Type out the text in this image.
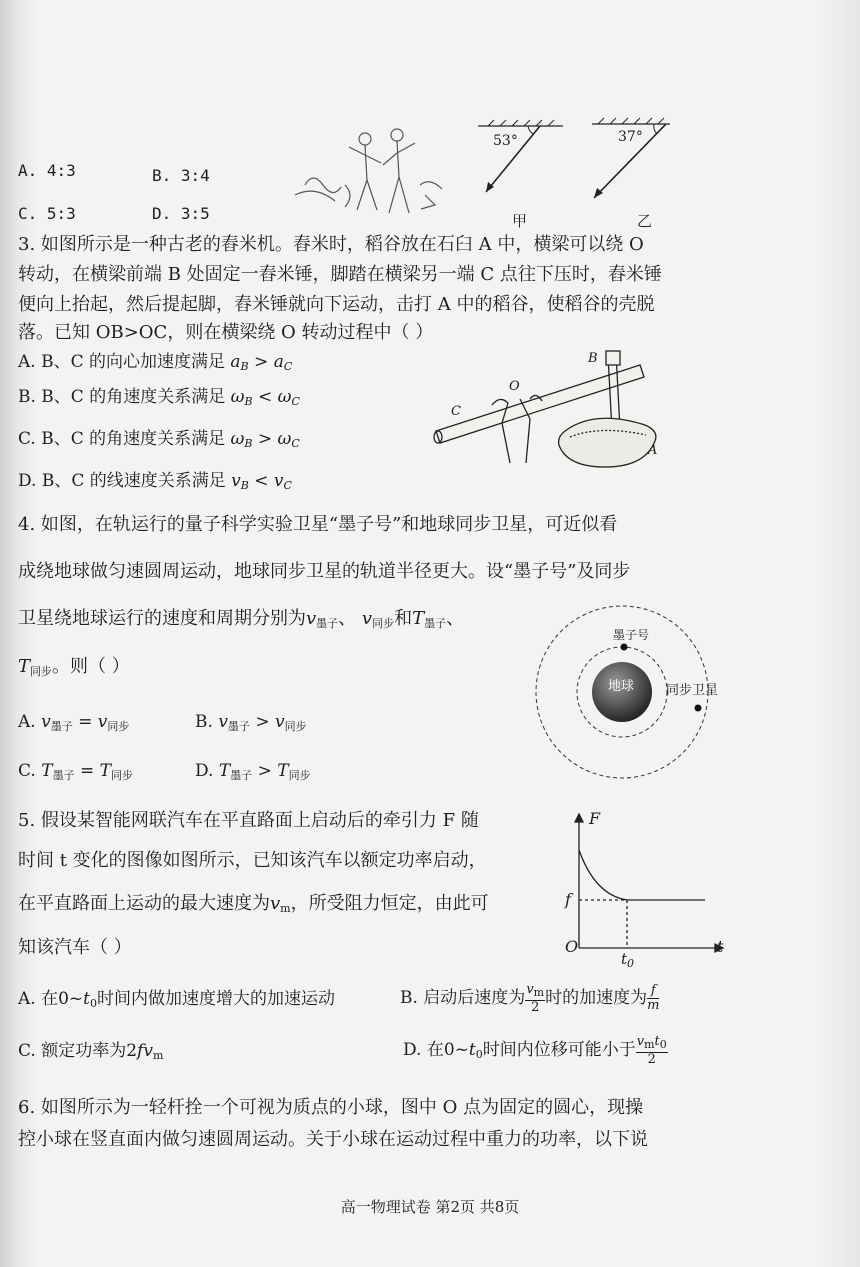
A. 4:3	B. 3:4
C. 5:3	D. 3:5
53°
甲
37°
乙
3. 如图所示是一种古老的舂米机。舂米时，稻谷放在石臼 A 中，横梁可以绕 O
转动，在横梁前端 B 处固定一舂米锤，脚踏在横梁另一端 C 点往下压时，舂米锤
便向上抬起，然后提起脚，舂米锤就向下运动，击打 A 中的稻谷，使稻谷的壳脱
落。已知 OB>OC，则在横梁绕 O 转动过程中（ ）
A. B、C 的向心加速度满足 $a_B > a_C$
B. B、C 的角速度关系满足 $\omega_B < \omega_C$
C. B、C 的角速度关系满足 $\omega_B > \omega_C$
D. B、C 的线速度关系满足 $v_B < v_C$
B
O
C
A
4. 如图，在轨运行的量子科学实验卫星“墨子号”和地球同步卫星，可近似看
成绕地球做匀速圆周运动，地球同步卫星的轨道半径更大。设“墨子号”及同步
卫星绕地球运行的速度和周期分别为$v_{墨子}$、 $v_{同步}$和$T_{墨子}$、
$T_{同步}$。则（ ）
A. $v_{墨子} = v_{同步}$	B. $v_{墨子} > v_{同步}$
C. $T_{墨子} = T_{同步}$	D. $T_{墨子} > T_{同步}$
地球
墨子号
同步卫星
5. 假设某智能网联汽车在平直路面上启动后的牵引力 F 随
时间 t 变化的图像如图所示，已知该汽车以额定功率启动，
在平直路面上运动的最大速度为$v_m$，所受阻力恒定，由此可
知该汽车（ ）
A. 在$0\sim t_0$时间内做加速度增大的加速运动	B. 启动后速度为 $\frac{v_m}{2}$ 时的加速度为 $\frac{f}{m}$
C. 额定功率为$2fv_m$	D. 在$0\sim t_0$时间内位移可能小于 $\frac{v_mt_0}{2}$
F
f
O
$t_0$
t
6. 如图所示为一轻杆拴一个可视为质点的小球，图中 O 点为固定的圆心，现操
控小球在竖直面内做匀速圆周运动。关于小球在运动过程中重力的功率，以下说
高一物理试卷 第2页 共8页
